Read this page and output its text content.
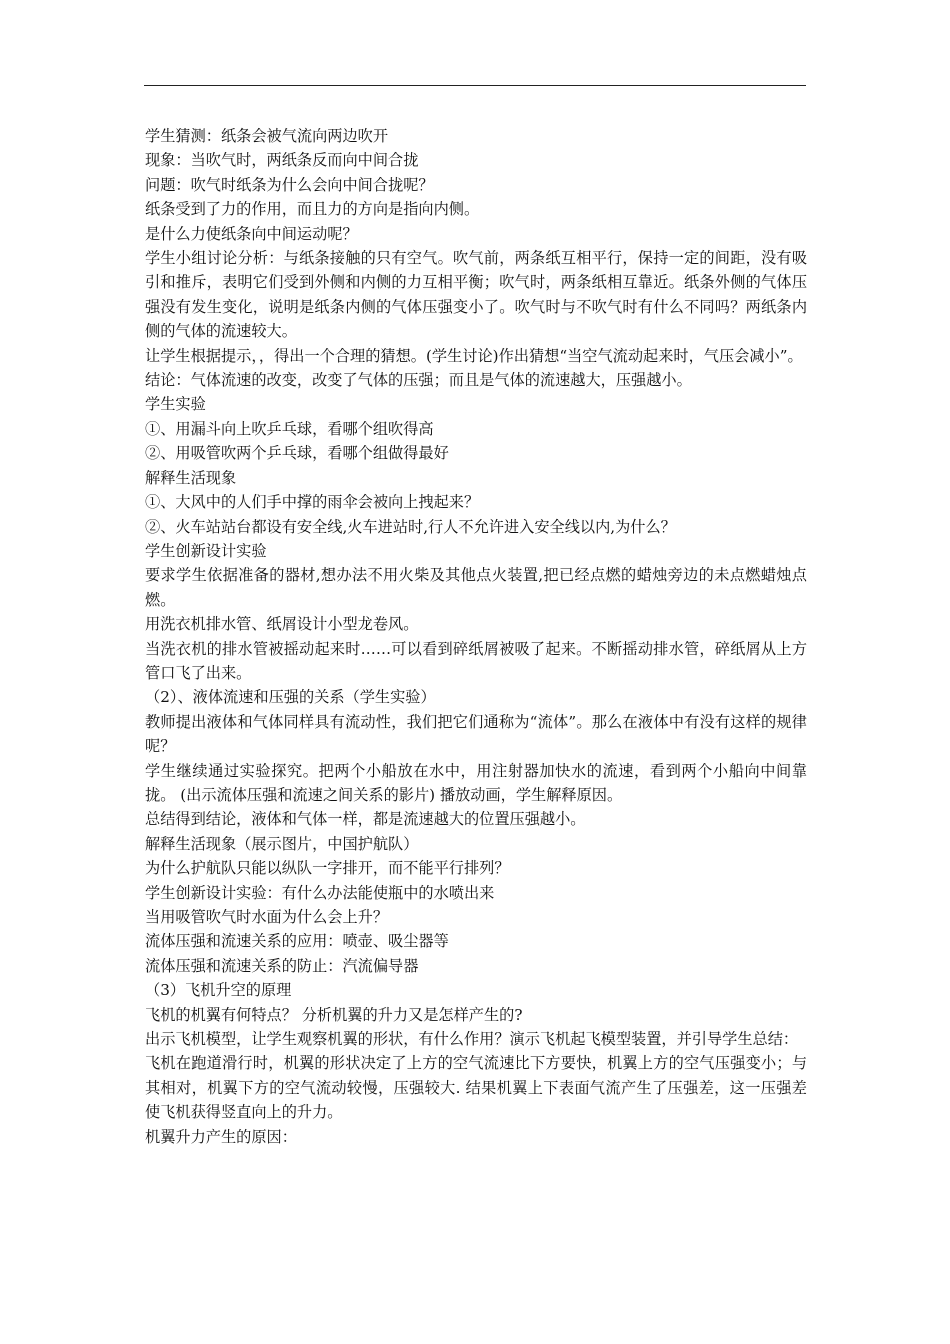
学生猜测：纸条会被气流向两边吹开

现象：当吹气时，两纸条反而向中间合拢

问题：吹气时纸条为什么会向中间合拢呢？

纸条受到了力的作用，而且力的方向是指向内侧。

是什么力使纸条向中间运动呢？

学生小组讨论分析：与纸条接触的只有空气。吹气前，两条纸互相平行，保持一定的间距，没有吸引和推斥，表明它们受到外侧和内侧的力互相平衡；吹气时，两条纸相互靠近。纸条外侧的气体压强没有发生变化，说明是纸条内侧的气体压强变小了。吹气时与不吹气时有什么不同吗？两纸条内侧的气体的流速较大。

让学生根据提示，，得出一个合理的猜想。(学生讨论)作出猜想“当空气流动起来时，气压会减小”。

结论：气体流速的改变，改变了气体的压强；而且是气体的流速越大，压强越小。

学生实验

①、用漏斗向上吹乒乓球，看哪个组吹得高

②、用吸管吹两个乒乓球，看哪个组做得最好

解释生活现象

①、大风中的人们手中撑的雨伞会被向上拽起来？

②、火车站站台都设有安全线,火车进站时,行人不允许进入安全线以内,为什么？

学生创新设计实验

要求学生依据准备的器材,想办法不用火柴及其他点火装置,把已经点燃的蜡烛旁边的未点燃蜡烛点燃。

用洗衣机排水管、纸屑设计小型龙卷风。

当洗衣机的排水管被摇动起来时……可以看到碎纸屑被吸了起来。不断摇动排水管，碎纸屑从上方管口飞了出来。

（2）、液体流速和压强的关系（学生实验）

教师提出液体和气体同样具有流动性，我们把它们通称为“流体”。那么在液体中有没有这样的规律呢？

学生继续通过实验探究。把两个小船放在水中，用注射器加快水的流速，看到两个小船向中间靠拢。 (出示流体压强和流速之间关系的影片) 播放动画，学生解释原因。

总结得到结论，液体和气体一样，都是流速越大的位置压强越小。

解释生活现象（展示图片，中国护航队）

为什么护航队只能以纵队一字排开，而不能平行排列？

学生创新设计实验：有什么办法能使瓶中的水喷出来

当用吸管吹气时水面为什么会上升？

流体压强和流速关系的应用：喷壶、吸尘器等

流体压强和流速关系的防止：汽流偏导器

（3）飞机升空的原理

飞机的机翼有何特点？ 分析机翼的升力又是怎样产生的?

出示飞机模型，让学生观察机翼的形状，有什么作用？演示飞机起飞模型装置，并引导学生总结：

飞机在跑道滑行时，机翼的形状决定了上方的空气流速比下方要快，机翼上方的空气压强变小；与其相对，机翼下方的空气流动较慢，压强较大. 结果机翼上下表面气流产生了压强差，这一压强差使飞机获得竖直向上的升力。

机翼升力产生的原因：
